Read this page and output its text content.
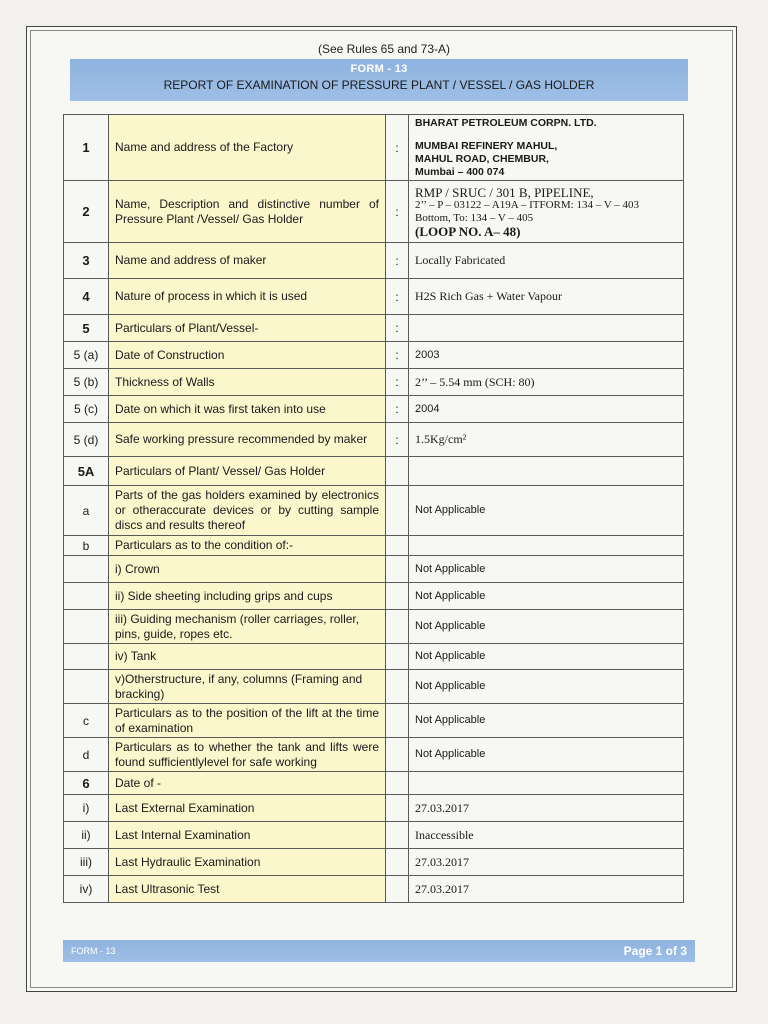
(See Rules 65 and 73-A)
FORM - 13
REPORT OF EXAMINATION OF PRESSURE PLANT / VESSEL / GAS HOLDER
1	Name and address of the Factory	:	BHARAT PETROLEUM CORPN. LTD.
MUMBAI REFINERY MAHUL,
MAHUL ROAD, CHEMBUR,
Mumbai – 400 074

2	Name, Description and distinctive number of Pressure Plant /Vessel/ Gas Holder	:	RMP / SRUC / 301 B, PIPELINE,
2’’ – P – 03122 – A19A – ITFORM: 134 – V – 403 Bottom, To: 134 – V – 405
(LOOP NO. A– 48)

3	Name and address of maker	:	Locally Fabricated
4	Nature of process in which it is used	:	H2S Rich Gas + Water Vapour
5	Particulars of Plant/Vessel-	:	
5 (a)	Date of Construction	:	2003
5 (b)	Thickness of Walls	:	2’’ – 5.54 mm (SCH: 80)
5 (c)	Date on which it was first taken into use	:	2004
5 (d)	Safe working pressure recommended by maker	:	1.5Kg/cm²
5A	Particulars of Plant/ Vessel/ Gas Holder		
a	Parts of the gas holders examined by electronics or otheraccurate devices or by cutting sample discs and results thereof		Not Applicable
b	Particulars as to the condition of:-		
	i) Crown		Not Applicable
	ii) Side sheeting including grips and cups		Not Applicable
	iii) Guiding mechanism (roller carriages, roller, pins, guide, ropes etc.		Not Applicable
	iv) Tank		Not Applicable
	v)Otherstructure, if any, columns (Framing and bracking)		Not Applicable
c	Particulars as to the position of the lift at the time of examination		Not Applicable
d	Particulars as to whether the tank and lifts were found sufficientlylevel for safe working		Not Applicable
6	Date of -		
i)	Last External Examination		27.03.2017
ii)	Last Internal Examination		Inaccessible
iii)	Last Hydraulic Examination		27.03.2017
iv)	Last Ultrasonic Test		27.03.2017
FORM - 13	Page 1 of 3
